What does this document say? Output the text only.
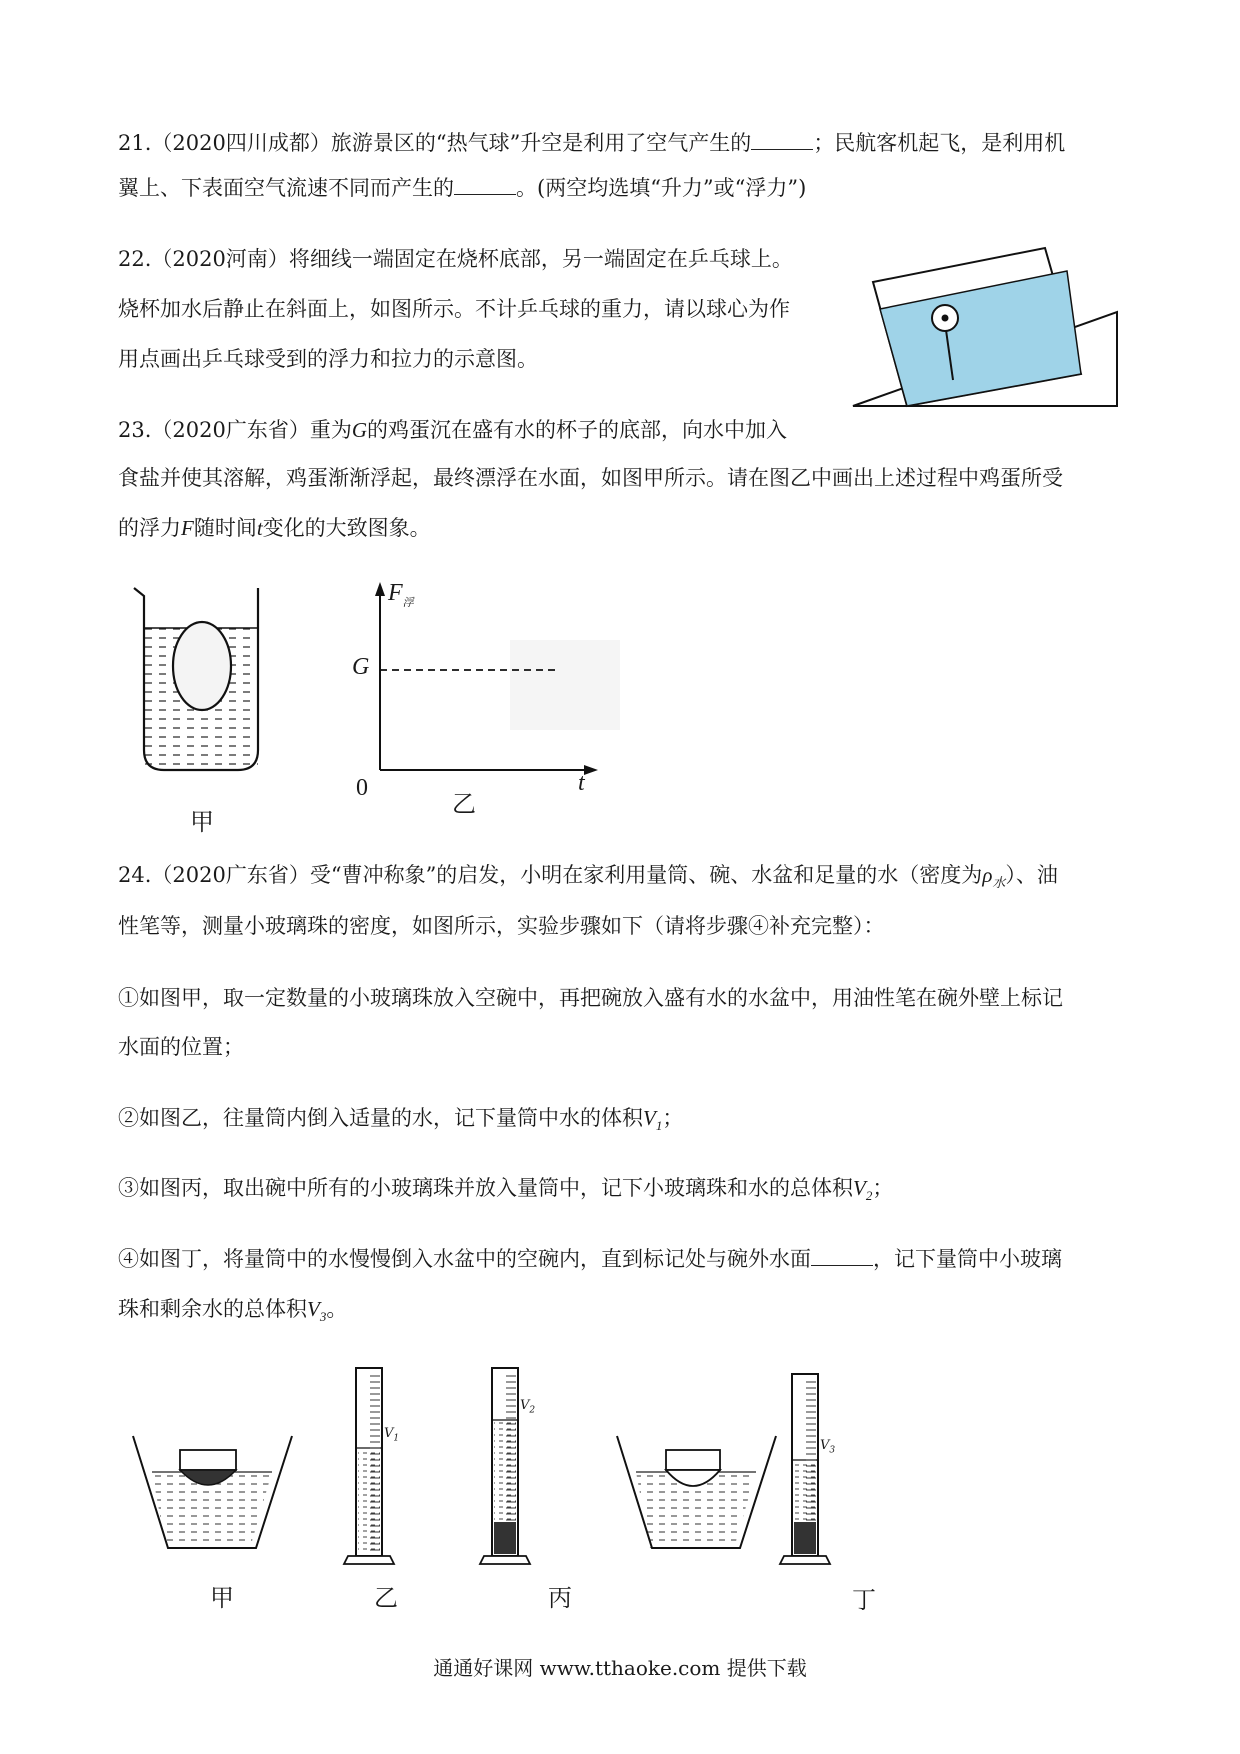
21.（2020四川成都）旅游景区的“热气球”升空是利用了空气产生的	；民航客机起飞，是利用机
翼上、下表面空气流速不同而产生的	。(两空均选填“升力”或“浮力”)
22.（2020河南）将细线一端固定在烧杯底部，另一端固定在乒乓球上。
烧杯加水后静止在斜面上，如图所示。不计乒乓球的重力，请以球心为作
用点画出乒乓球受到的浮力和拉力的示意图。
23.（2020广东省）重为G的鸡蛋沉在盛有水的杯子的底部，向水中加入
食盐并使其溶解，鸡蛋渐渐浮起，最终漂浮在水面，如图甲所示。请在图乙中画出上述过程中鸡蛋所受
的浮力F随时间t变化的大致图象。
甲
$F_浮$
G
0	t
乙
24.（2020广东省）受“曹冲称象”的启发，小明在家利用量筒、碗、水盆和足量的水（密度为$\rho_水$）、油
性笔等，测量小玻璃珠的密度，如图所示，实验步骤如下（请将步骤④补充完整）：
①如图甲，取一定数量的小玻璃珠放入空碗中，再把碗放入盛有水的水盆中，用油性笔在碗外壁上标记
水面的位置；
②如图乙，往量筒内倒入适量的水，记下量筒中水的体积$V_1$；
③如图丙，取出碗中所有的小玻璃珠并放入量筒中，记下小玻璃珠和水的总体积$V_2$；
④如图丁，将量筒中的水慢慢倒入水盆中的空碗内，直到标记处与碗外水面	，记下量筒中小玻璃
珠和剩余水的总体积$V_3$。
$V_1$
$V_2$
$V_3$
甲	乙	丙	丁
通通好课网 www.tthaoke.com 提供下载
